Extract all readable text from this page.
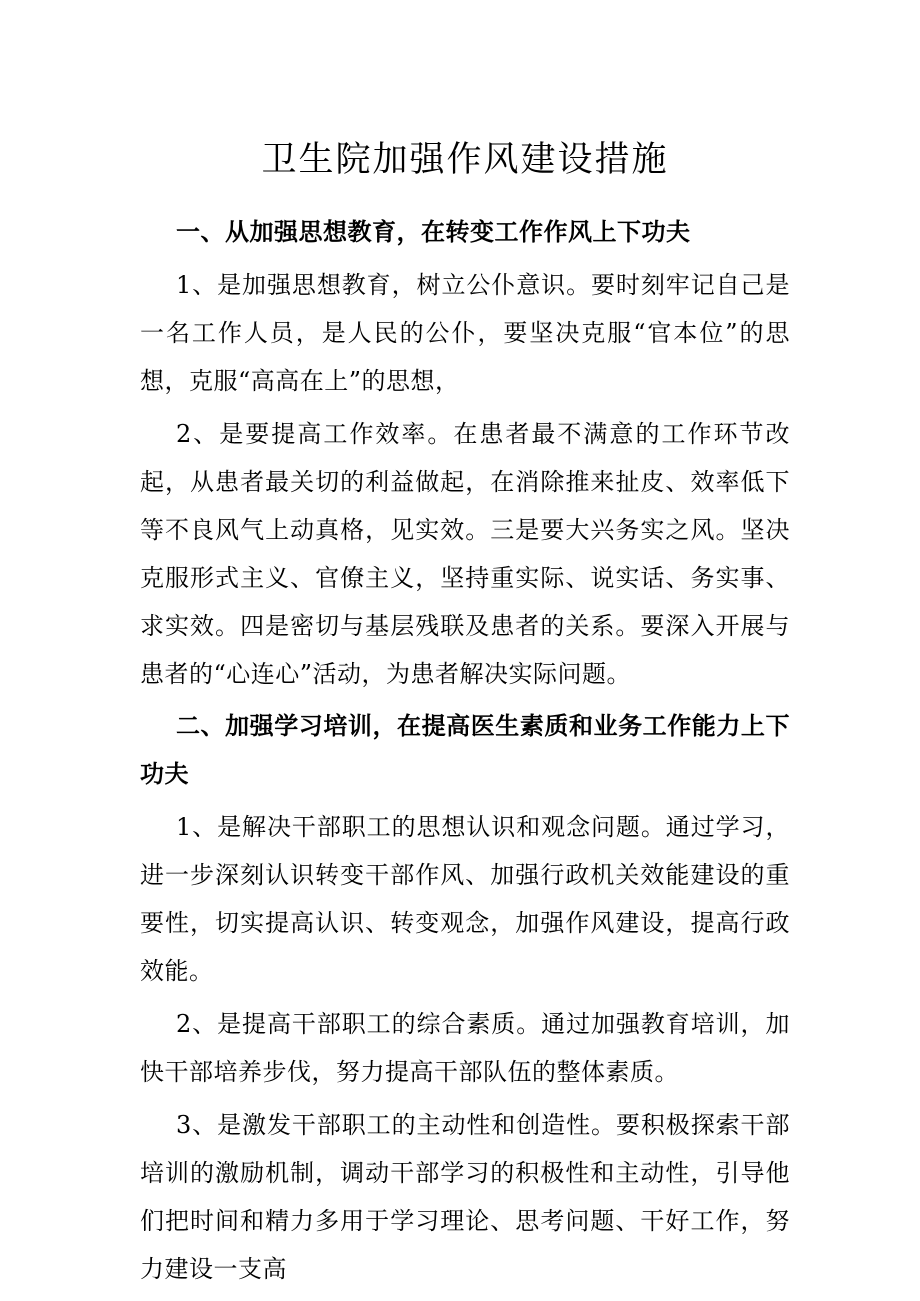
卫生院加强作风建设措施
一、从加强思想教育，在转变工作作风上下功夫

1、是加强思想教育，树立公仆意识。要时刻牢记自己是一名工作人员，是人民的公仆，要坚决克服“官本位”的思想，克服“高高在上”的思想，

2、是要提高工作效率。在患者最不满意的工作环节改起，从患者最关切的利益做起，在消除推来扯皮、效率低下等不良风气上动真格，见实效。三是要大兴务实之风。坚决克服形式主义、官僚主义，坚持重实际、说实话、务实事、求实效。四是密切与基层残联及患者的关系。要深入开展与患者的“心连心”活动，为患者解决实际问题。

二、加强学习培训，在提高医生素质和业务工作能力上下功夫

1、是解决干部职工的思想认识和观念问题。通过学习，进一步深刻认识转变干部作风、加强行政机关效能建设的重要性，切实提高认识、转变观念，加强作风建设，提高行政效能。

2、是提高干部职工的综合素质。通过加强教育培训，加快干部培养步伐，努力提高干部队伍的整体素质。

3、是激发干部职工的主动性和创造性。要积极探索干部培训的激励机制，调动干部学习的积极性和主动性，引导他们把时间和精力多用于学习理论、思考问题、干好工作，努力建设一支高
